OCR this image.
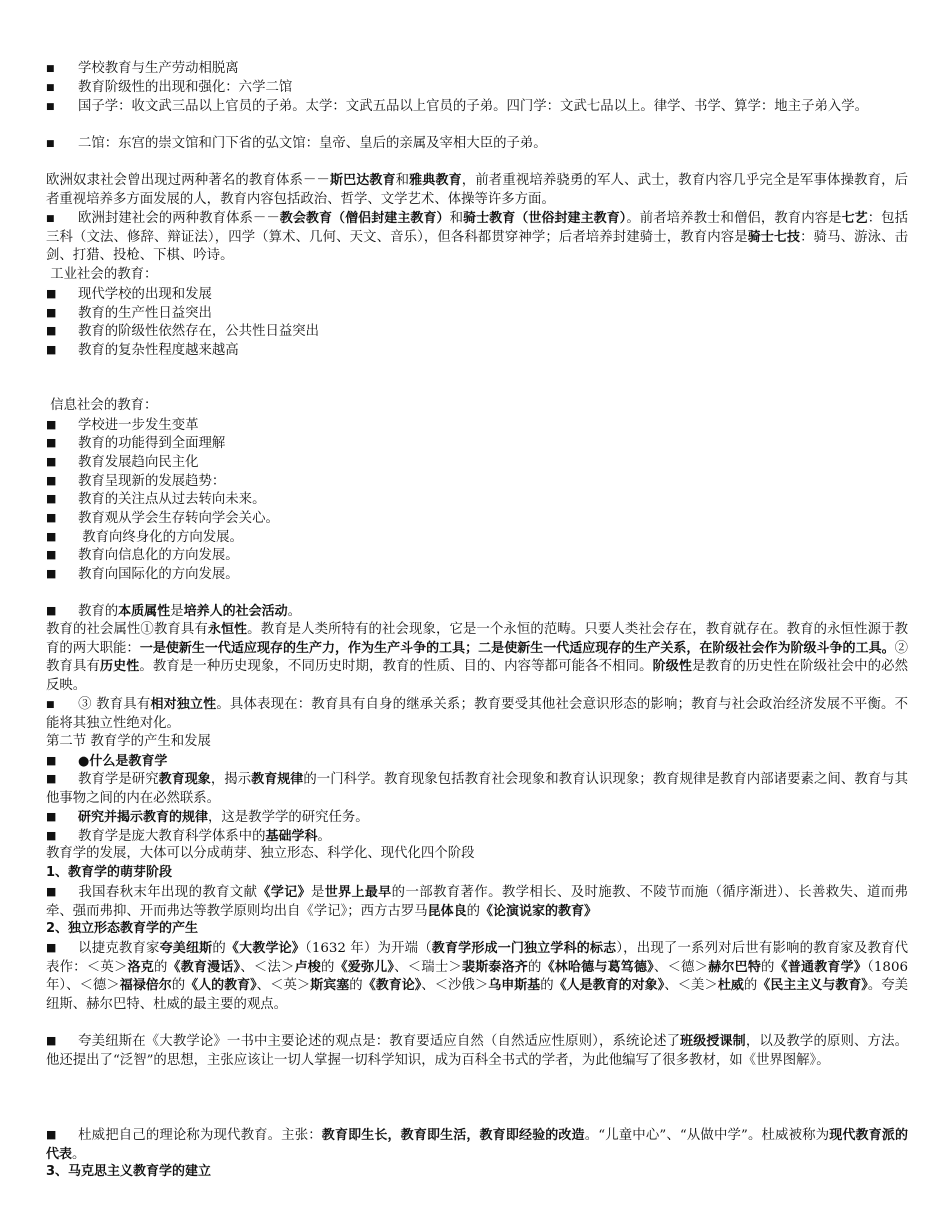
■ 学校教育与生产劳动相脱离
■ 教育阶级性的出现和强化：六学二馆
■ 国子学：收文武三品以上官员的子弟。太学：文武五品以上官员的子弟。四门学：文武七品以上。律学、书学、算学：地主子弟入学。
■ 二馆：东宫的崇文馆和门下省的弘文馆：皇帝、皇后的亲属及宰相大臣的子弟。
欧洲奴隶社会曾出现过两种著名的教育体系－－斯巴达教育和雅典教育，前者重视培养骁勇的军人、武士，教育内容几乎完全是军事体操教育，后者重视培养多方面发展的人，教育内容包括政治、哲学、文学艺术、体操等许多方面。
■ 欧洲封建社会的两种教育体系－－教会教育（僧侣封建主教育）和骑士教育（世俗封建主教育）。前者培养教士和僧侣，教育内容是七艺：包括三科（文法、修辞、辩证法），四学（算术、几何、天文、音乐），但各科都贯穿神学；后者培养封建骑士，教育内容是骑士七技：骑马、游泳、击剑、打猎、投枪、下棋、吟诗。
工业社会的教育：
■ 现代学校的出现和发展
■ 教育的生产性日益突出
■ 教育的阶级性依然存在，公共性日益突出
■ 教育的复杂性程度越来越高
信息社会的教育：
■ 学校进一步发生变革
■ 教育的功能得到全面理解
■ 教育发展趋向民主化
■ 教育呈现新的发展趋势：
■ 教育的关注点从过去转向未来。
■ 教育观从学会生存转向学会关心。
■  教育向终身化的方向发展。
■ 教育向信息化的方向发展。
■ 教育向国际化的方向发展。
■ 教育的本质属性是培养人的社会活动。
教育的社会属性①教育具有永恒性。教育是人类所特有的社会现象，它是一个永恒的范畴。只要人类社会存在，教育就存在。教育的永恒性源于教育的两大职能：一是使新生一代适应现存的生产力，作为生产斗争的工具；二是使新生一代适应现存的生产关系，在阶级社会作为阶级斗争的工具。②教育具有历史性。教育是一种历史现象，不同历史时期，教育的性质、目的、内容等都可能各不相同。阶级性是教育的历史性在阶级社会中的必然反映。
■ ③ 教育具有相对独立性。具体表现在：教育具有自身的继承关系；教育要受其他社会意识形态的影响；教育与社会政治经济发展不平衡。不能将其独立性绝对化。
第二节 教育学的产生和发展
■ ●什么是教育学
■ 教育学是研究教育现象，揭示教育规律的一门科学。教育现象包括教育社会现象和教育认识现象；教育规律是教育内部诸要素之间、教育与其他事物之间的内在必然联系。
■ 研究并揭示教育的规律，这是教学学的研究任务。
■ 教育学是庞大教育科学体系中的基础学科。
教育学的发展，大体可以分成萌芽、独立形态、科学化、现代化四个阶段
1、教育学的萌芽阶段
■ 我国春秋末年出现的教育文献《学记》是世界上最早的一部教育著作。教学相长、及时施教、不陵节而施（循序渐进）、长善救失、道而弗牵、强而弗抑、开而弗达等教学原则均出自《学记》；西方古罗马昆体良的《论演说家的教育》
2、独立形态教育学的产生
■ 以捷克教育家夸美纽斯的《大教学论》（1632 年）为开端（教育学形成一门独立学科的标志），出现了一系列对后世有影响的教育家及教育代表作：＜英＞洛克的《教育漫话》、＜法＞卢梭的《爱弥儿》、＜瑞士＞裴斯泰洛齐的《林哈德与葛笃德》、＜德＞赫尔巴特的《普通教育学》（1806 年）、＜德＞福禄倍尔的《人的教育》、＜英＞斯宾塞的《教育论》、＜沙俄＞乌申斯基的《人是教育的对象》、＜美＞杜威的《民主主义与教育》。夸美纽斯、赫尔巴特、杜威的最主要的观点。
■ 夸美纽斯在《大教学论》一书中主要论述的观点是：教育要适应自然（自然适应性原则），系统论述了班级授课制，以及教学的原则、方法。他还提出了“泛智”的思想，主张应该让一切人掌握一切科学知识，成为百科全书式的学者，为此他编写了很多教材，如《世界图解》。
■ 杜威把自己的理论称为现代教育。主张：教育即生长，教育即生活，教育即经验的改造。“儿童中心”、“从做中学”。杜威被称为现代教育派的代表。
3、马克思主义教育学的建立
